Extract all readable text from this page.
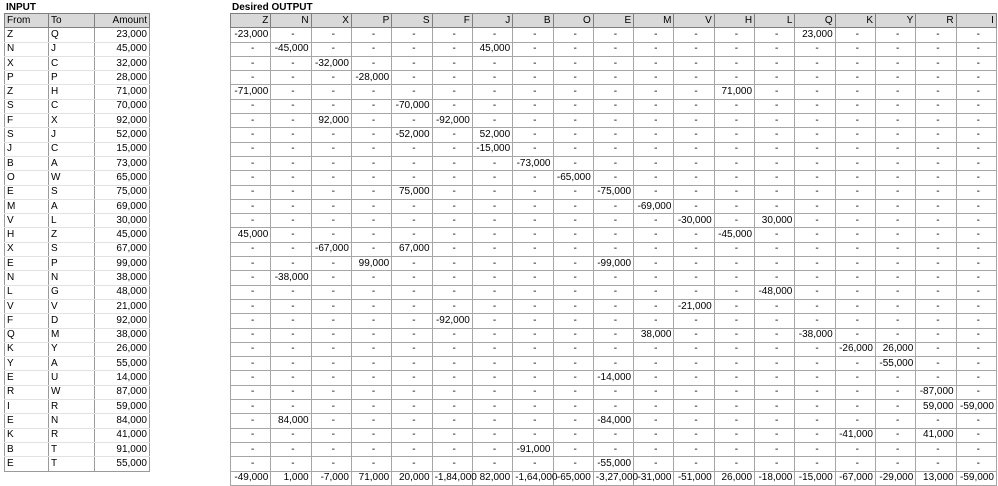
INPUT
From	To	Amount
Z	Q	23,000
N	J	45,000
X	C	32,000
P	P	28,000
Z	H	71,000
S	C	70,000
F	X	92,000
S	J	52,000
J	C	15,000
B	A	73,000
O	W	65,000
E	S	75,000
M	A	69,000
V	L	30,000
H	Z	45,000
X	S	67,000
E	P	99,000
N	N	38,000
L	G	48,000
V	V	21,000
F	D	92,000
Q	M	38,000
K	Y	26,000
Y	A	55,000
E	U	14,000
R	W	87,000
I	R	59,000
E	N	84,000
K	R	41,000
B	T	91,000
E	T	55,000
Desired OUTPUT
Z	N	X	P	S	F	J	B	O	E	M	V	H	L	Q	K	Y	R	I
-23,000	-	-	-	-	-	-	-	-	-	-	-	-	-	23,000	-	-	-	-
-	-45,000	-	-	-	-	45,000	-	-	-	-	-	-	-	-	-	-	-	-
-	-	-32,000	-	-	-	-	-	-	-	-	-	-	-	-	-	-	-	-
-	-	-	-28,000	-	-	-	-	-	-	-	-	-	-	-	-	-	-	-
-71,000	-	-	-	-	-	-	-	-	-	-	-	71,000	-	-	-	-	-	-
-	-	-	-	-70,000	-	-	-	-	-	-	-	-	-	-	-	-	-	-
-	-	92,000	-	-	-92,000	-	-	-	-	-	-	-	-	-	-	-	-	-
-	-	-	-	-52,000	-	52,000	-	-	-	-	-	-	-	-	-	-	-	-
-	-	-	-	-	-	-15,000	-	-	-	-	-	-	-	-	-	-	-	-
-	-	-	-	-	-	-	-73,000	-	-	-	-	-	-	-	-	-	-	-
-	-	-	-	-	-	-	-	-65,000	-	-	-	-	-	-	-	-	-	-
-	-	-	-	75,000	-	-	-	-	-75,000	-	-	-	-	-	-	-	-	-
-	-	-	-	-	-	-	-	-	-	-69,000	-	-	-	-	-	-	-	-
-	-	-	-	-	-	-	-	-	-	-	-30,000	-	30,000	-	-	-	-	-
45,000	-	-	-	-	-	-	-	-	-	-	-	-45,000	-	-	-	-	-	-
-	-	-67,000	-	67,000	-	-	-	-	-	-	-	-	-	-	-	-	-	-
-	-	-	99,000	-	-	-	-	-	-99,000	-	-	-	-	-	-	-	-	-
-	-38,000	-	-	-	-	-	-	-	-	-	-	-	-	-	-	-	-	-
-	-	-	-	-	-	-	-	-	-	-	-	-	-48,000	-	-	-	-	-
-	-	-	-	-	-	-	-	-	-	-	-21,000	-	-	-	-	-	-	-
-	-	-	-	-	-92,000	-	-	-	-	-	-	-	-	-	-	-	-	-
-	-	-	-	-	-	-	-	-	-	38,000	-	-	-	-38,000	-	-	-	-
-	-	-	-	-	-	-	-	-	-	-	-	-	-	-	-26,000	26,000	-	-
-	-	-	-	-	-	-	-	-	-	-	-	-	-	-	-	-55,000	-	-
-	-	-	-	-	-	-	-	-	-14,000	-	-	-	-	-	-	-	-	-
-	-	-	-	-	-	-	-	-	-	-	-	-	-	-	-	-	-87,000	-
-	-	-	-	-	-	-	-	-	-	-	-	-	-	-	-	-	59,000	-59,000
-	84,000	-	-	-	-	-	-	-	-84,000	-	-	-	-	-	-	-	-	-
-	-	-	-	-	-	-	-	-	-	-	-	-	-	-	-41,000	-	41,000	-
-	-	-	-	-	-	-	-91,000	-	-	-	-	-	-	-	-	-	-	-
-	-	-	-	-	-	-	-	-	-55,000	-	-	-	-	-	-	-	-	-
-49,000	1,000	-7,000	71,000	20,000	-1,84,000	82,000	-1,64,000	-65,000	-3,27,000	-31,000	-51,000	26,000	-18,000	-15,000	-67,000	-29,000	13,000	-59,000
